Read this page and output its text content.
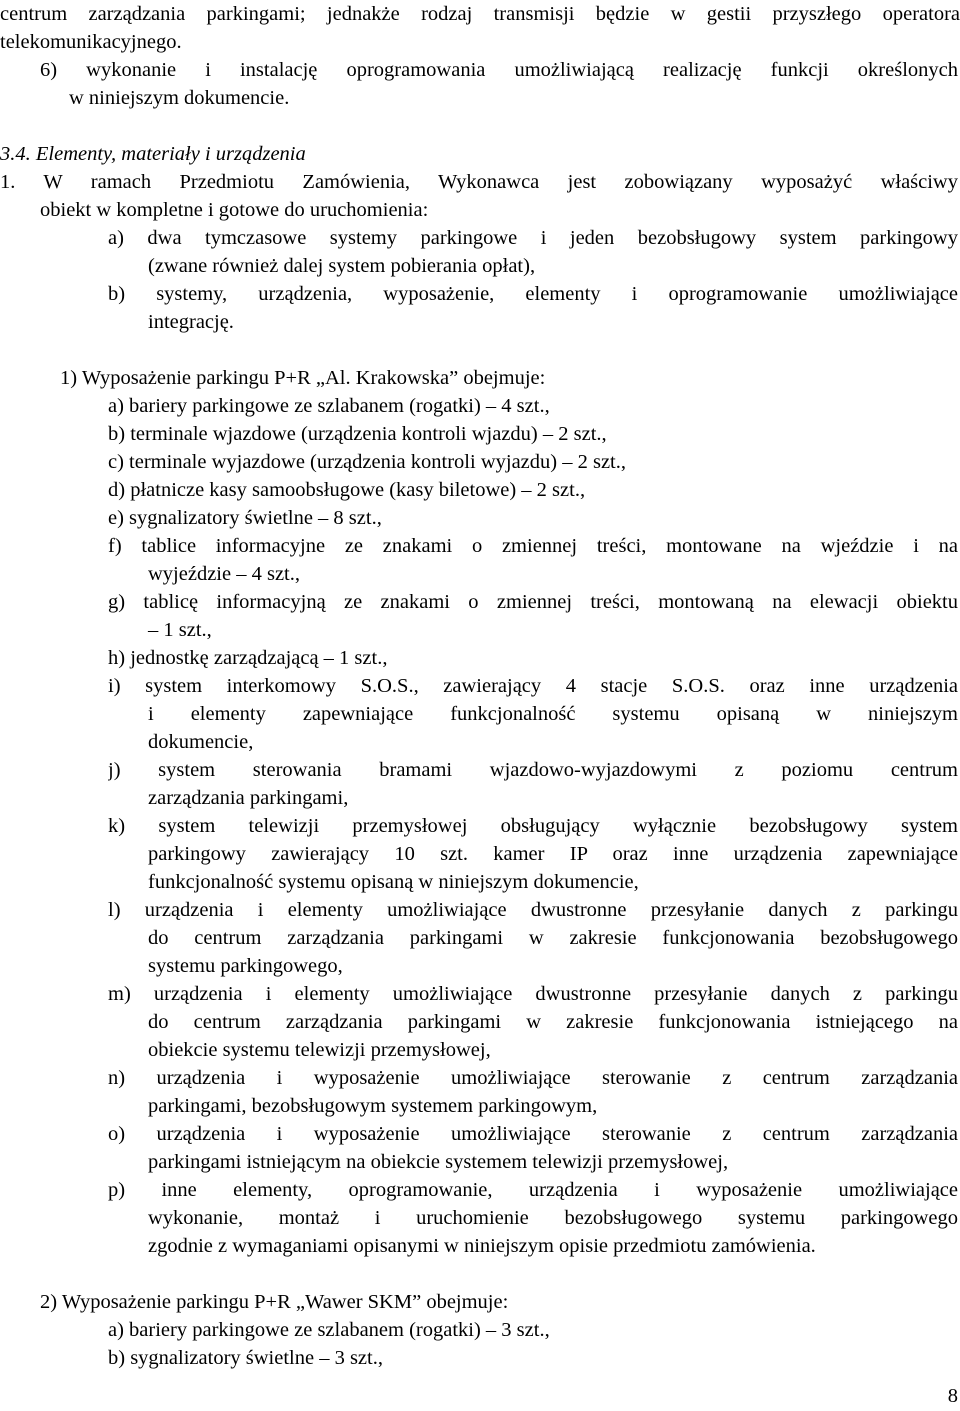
centrum zarządzania parkingami; jednakże rodzaj transmisji będzie w gestii przyszłego operatora
telekomunikacyjnego.
6) wykonanie i instalację oprogramowania umożliwiającą realizację funkcji określonych
w niniejszym dokumencie.
3.4. Elementy, materiały i urządzenia
1. W ramach Przedmiotu Zamówienia, Wykonawca jest zobowiązany wyposażyć właściwy
obiekt w kompletne i gotowe do uruchomienia:
a) dwa tymczasowe systemy parkingowe i jeden bezobsługowy system parkingowy
(zwane również dalej system pobierania opłat),
b) systemy, urządzenia, wyposażenie, elementy i oprogramowanie umożliwiające
integrację.
1) Wyposażenie parkingu P+R „Al. Krakowska” obejmuje:
a) bariery parkingowe ze szlabanem (rogatki) – 4 szt.,
b) terminale wjazdowe (urządzenia kontroli wjazdu) – 2 szt.,
c) terminale wyjazdowe (urządzenia kontroli wyjazdu) – 2 szt.,
d) płatnicze kasy samoobsługowe (kasy biletowe) – 2 szt.,
e) sygnalizatory świetlne – 8 szt.,
f) tablice informacyjne ze znakami o zmiennej treści, montowane na wjeździe i na
wyjeździe – 4 szt.,
g) tablicę informacyjną ze znakami o zmiennej treści, montowaną na elewacji obiektu
– 1 szt.,
h) jednostkę zarządzającą – 1 szt.,
i) system interkomowy S.O.S., zawierający 4 stacje S.O.S. oraz inne urządzenia
i elementy zapewniające funkcjonalność systemu opisaną w niniejszym
dokumencie,
j) system sterowania bramami wjazdowo-wyjazdowymi z poziomu centrum
zarządzania parkingami,
k) system telewizji przemysłowej obsługujący wyłącznie bezobsługowy system
parkingowy zawierający 10 szt. kamer IP oraz inne urządzenia zapewniające
funkcjonalność systemu opisaną w niniejszym dokumencie,
l) urządzenia i elementy umożliwiające dwustronne przesyłanie danych z parkingu
do centrum zarządzania parkingami w zakresie funkcjonowania bezobsługowego
systemu parkingowego,
m) urządzenia i elementy umożliwiające dwustronne przesyłanie danych z parkingu
do centrum zarządzania parkingami w zakresie funkcjonowania istniejącego na
obiekcie systemu telewizji przemysłowej,
n) urządzenia i wyposażenie umożliwiające sterowanie z centrum zarządzania
parkingami, bezobsługowym systemem parkingowym,
o) urządzenia i wyposażenie umożliwiające sterowanie z centrum zarządzania
parkingami istniejącym na obiekcie systemem telewizji przemysłowej,
p) inne elementy, oprogramowanie, urządzenia i wyposażenie umożliwiające
wykonanie, montaż i uruchomienie bezobsługowego systemu parkingowego
zgodnie z wymaganiami opisanymi w niniejszym opisie przedmiotu zamówienia.
2) Wyposażenie parkingu P+R „Wawer SKM” obejmuje:
a) bariery parkingowe ze szlabanem (rogatki) – 3 szt.,
b) sygnalizatory świetlne – 3 szt.,
8
